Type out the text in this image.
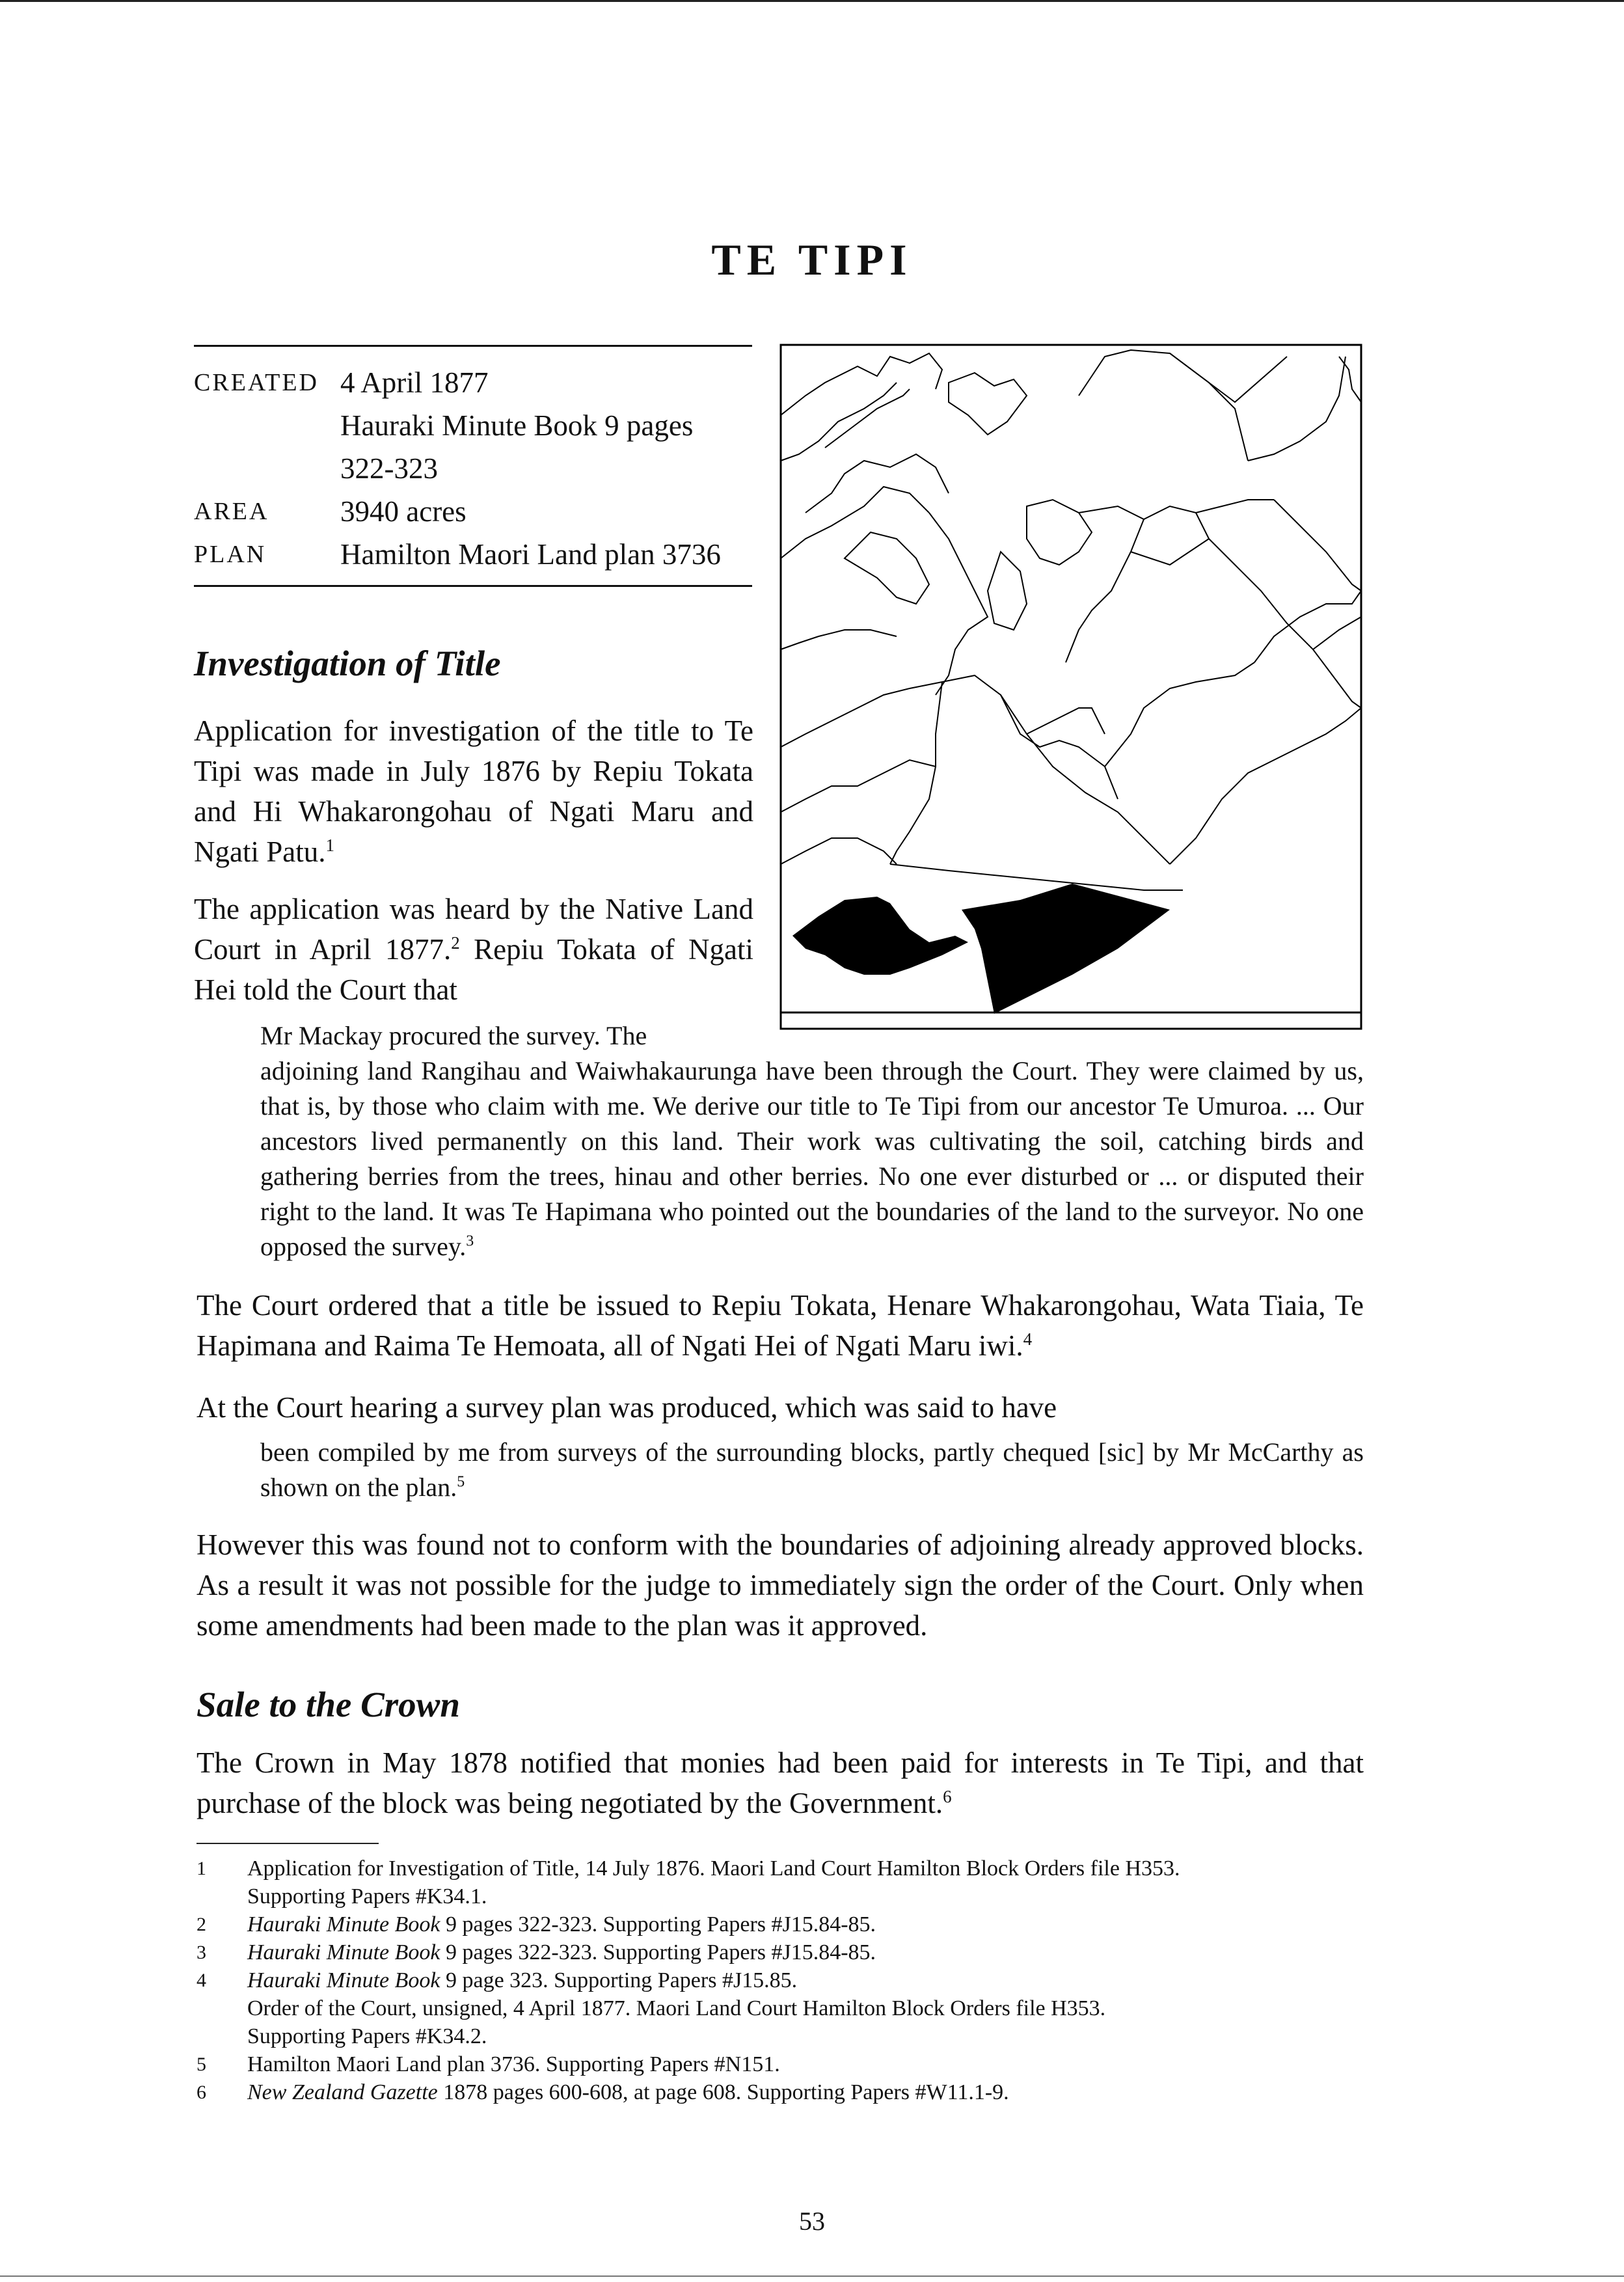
TE TIPI
CREATED 4 April 1877
Hauraki Minute Book 9 pages
322-323
AREA	3940 acres
PLAN	Hamilton Maori Land plan 3736
Investigation of Title

Application for investigation of the title to Te Tipi was made in July 1876 by Repiu Tokata and Hi Whakarongohau of Ngati Maru and Ngati Patu.$^1$

The application was heard by the Native Land Court in April 1877.$^2$ Repiu Tokata of Ngati Hei told the Court that

Mr Mackay procured the survey. The

adjoining land Rangihau and Waiwhakaurunga have been through the Court. They were claimed by us, that is, by those who claim with me. We derive our title to Te Tipi from our ancestor Te Umuroa. ... Our ancestors lived permanently on this land. Their work was cultivating the soil, catching birds and gathering berries from the trees, hinau and other berries. No one ever disturbed or ... or disputed their right to the land. It was Te Hapimana who pointed out the boundaries of the land to the surveyor. No one opposed the survey.$^3$

The Court ordered that a title be issued to Repiu Tokata, Henare Whakarongohau, Wata Tiaia, Te Hapimana and Raima Te Hemoata, all of Ngati Hei of Ngati Maru iwi.$^4$

At the Court hearing a survey plan was produced, which was said to have

been compiled by me from surveys of the surrounding blocks, partly chequed [sic] by Mr McCarthy as shown on the plan.$^5$

However this was found not to conform with the boundaries of adjoining already approved blocks. As a result it was not possible for the judge to immediately sign the order of the Court. Only when some amendments had been made to the plan was it approved.

Sale to the Crown

The Crown in May 1878 notified that monies had been paid for interests in Te Tipi, and that purchase of the block was being negotiated by the Government.$^6$

1	Application for Investigation of Title, 14 July 1876. Maori Land Court Hamilton Block Orders file H353.
Supporting Papers #K34.1.
2	Hauraki Minute Book 9 pages 322-323. Supporting Papers #J15.84-85.
3	Hauraki Minute Book 9 pages 322-323. Supporting Papers #J15.84-85.
4	Hauraki Minute Book 9 page 323. Supporting Papers #J15.85.
Order of the Court, unsigned, 4 April 1877. Maori Land Court Hamilton Block Orders file H353.
Supporting Papers #K34.2.
5	Hamilton Maori Land plan 3736. Supporting Papers #N151.
6	New Zealand Gazette 1878 pages 600-608, at page 608. Supporting Papers #W11.1-9.
53
